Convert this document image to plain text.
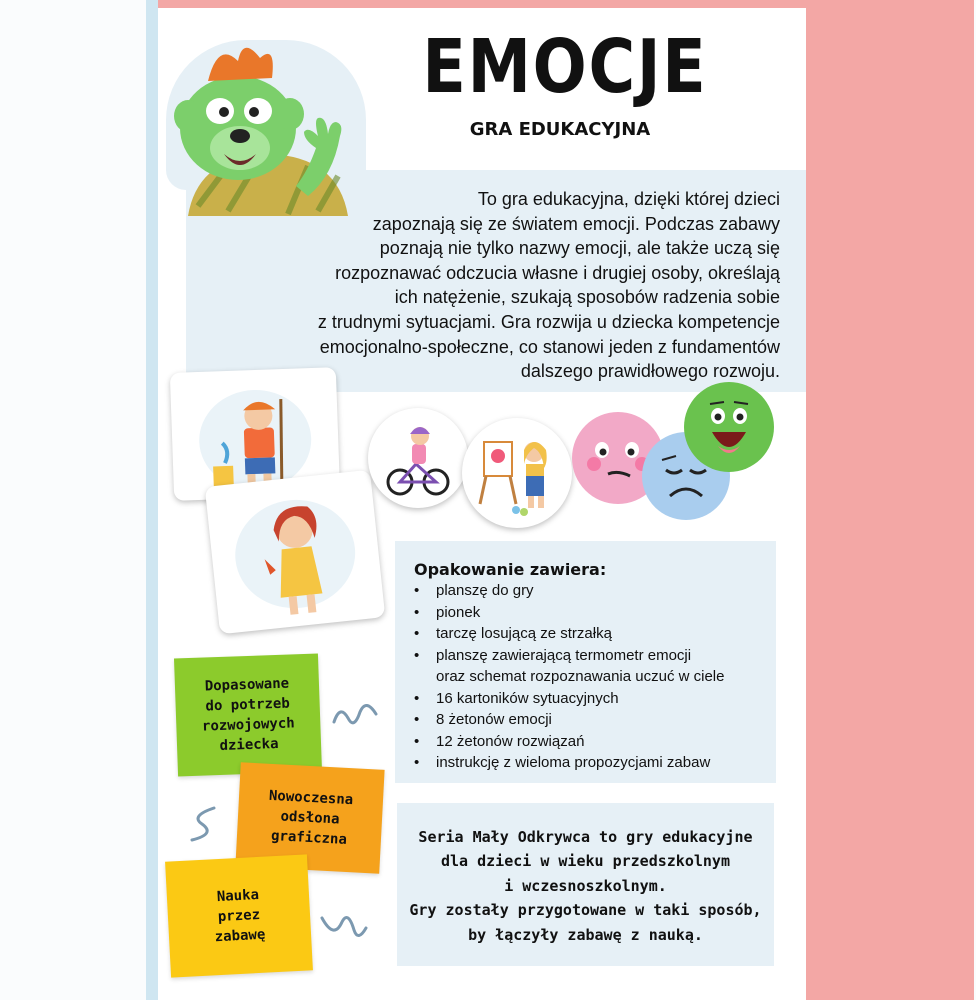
EMOCJE
GRA EDUKACYJNA
To gra edukacyjna, dzięki której dzieci
zapoznają się ze światem emocji. Podczas zabawy
poznają nie tylko nazwy emocji, ale także uczą się
rozpoznawać odczucia własne i drugiej osoby, określają
ich natężenie, szukają sposobów radzenia sobie
z trudnymi sytuacjami. Gra rozwija u dziecka kompetencje
emocjonalno-społeczne, co stanowi jeden z fundamentów
dalszego prawidłowego rozwoju.
Opakowanie zawiera:
• planszę do gry
• pionek
• tarczę losującą ze strzałką
• planszę zawierającą termometr emocji
oraz schemat rozpoznawania uczuć w ciele
• 16 kartoników sytuacyjnych
• 8 żetonów emocji
• 12 żetonów rozwiązań
• instrukcję z wieloma propozycjami zabaw
Seria Mały Odkrywca to gry edukacyjne
dla dzieci w wieku przedszkolnym
i wczesnoszkolnym.
Gry zostały przygotowane w taki sposób,
by łączyły zabawę z nauką.
Dopasowane
do potrzeb
rozwojowych
dziecka
Nowoczesna
odsłona
graficzna
Nauka
przez
zabawę
